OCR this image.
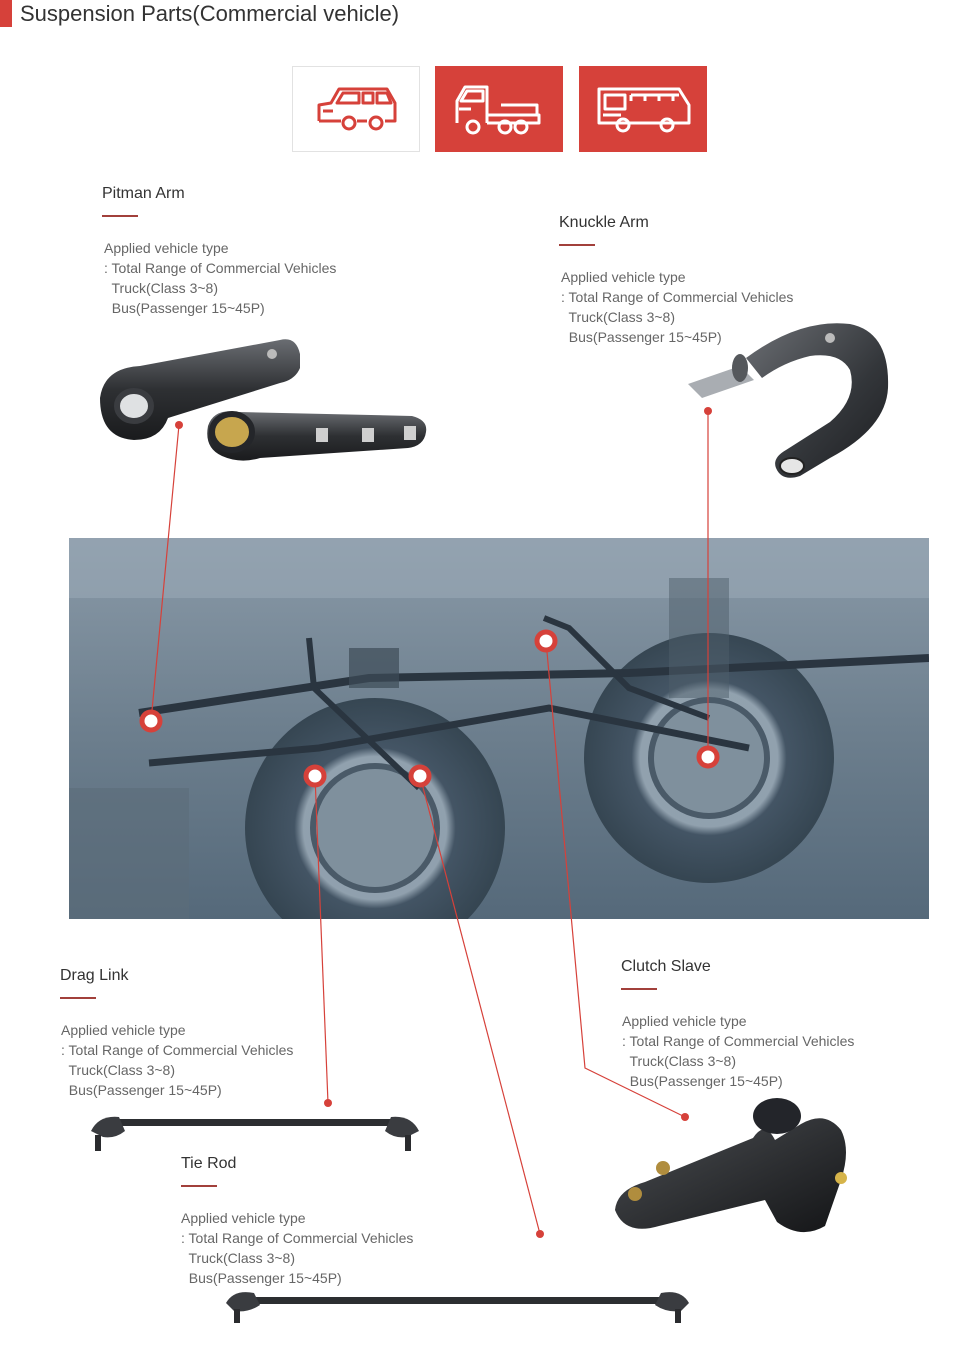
Suspension Parts(Commercial vehicle)
Pitman Arm
Applied vehicle type
: Total Range of Commercial Vehicles
Truck(Class 3~8)
Bus(Passenger 15~45P)
Knuckle Arm
Applied vehicle type
: Total Range of Commercial Vehicles
Truck(Class 3~8)
Bus(Passenger 15~45P)
Drag Link
Applied vehicle type
: Total Range of Commercial Vehicles
Truck(Class 3~8)
Bus(Passenger 15~45P)
Clutch Slave
Applied vehicle type
: Total Range of Commercial Vehicles
Truck(Class 3~8)
Bus(Passenger 15~45P)
Tie Rod
Applied vehicle type
: Total Range of Commercial Vehicles
Truck(Class 3~8)
Bus(Passenger 15~45P)
